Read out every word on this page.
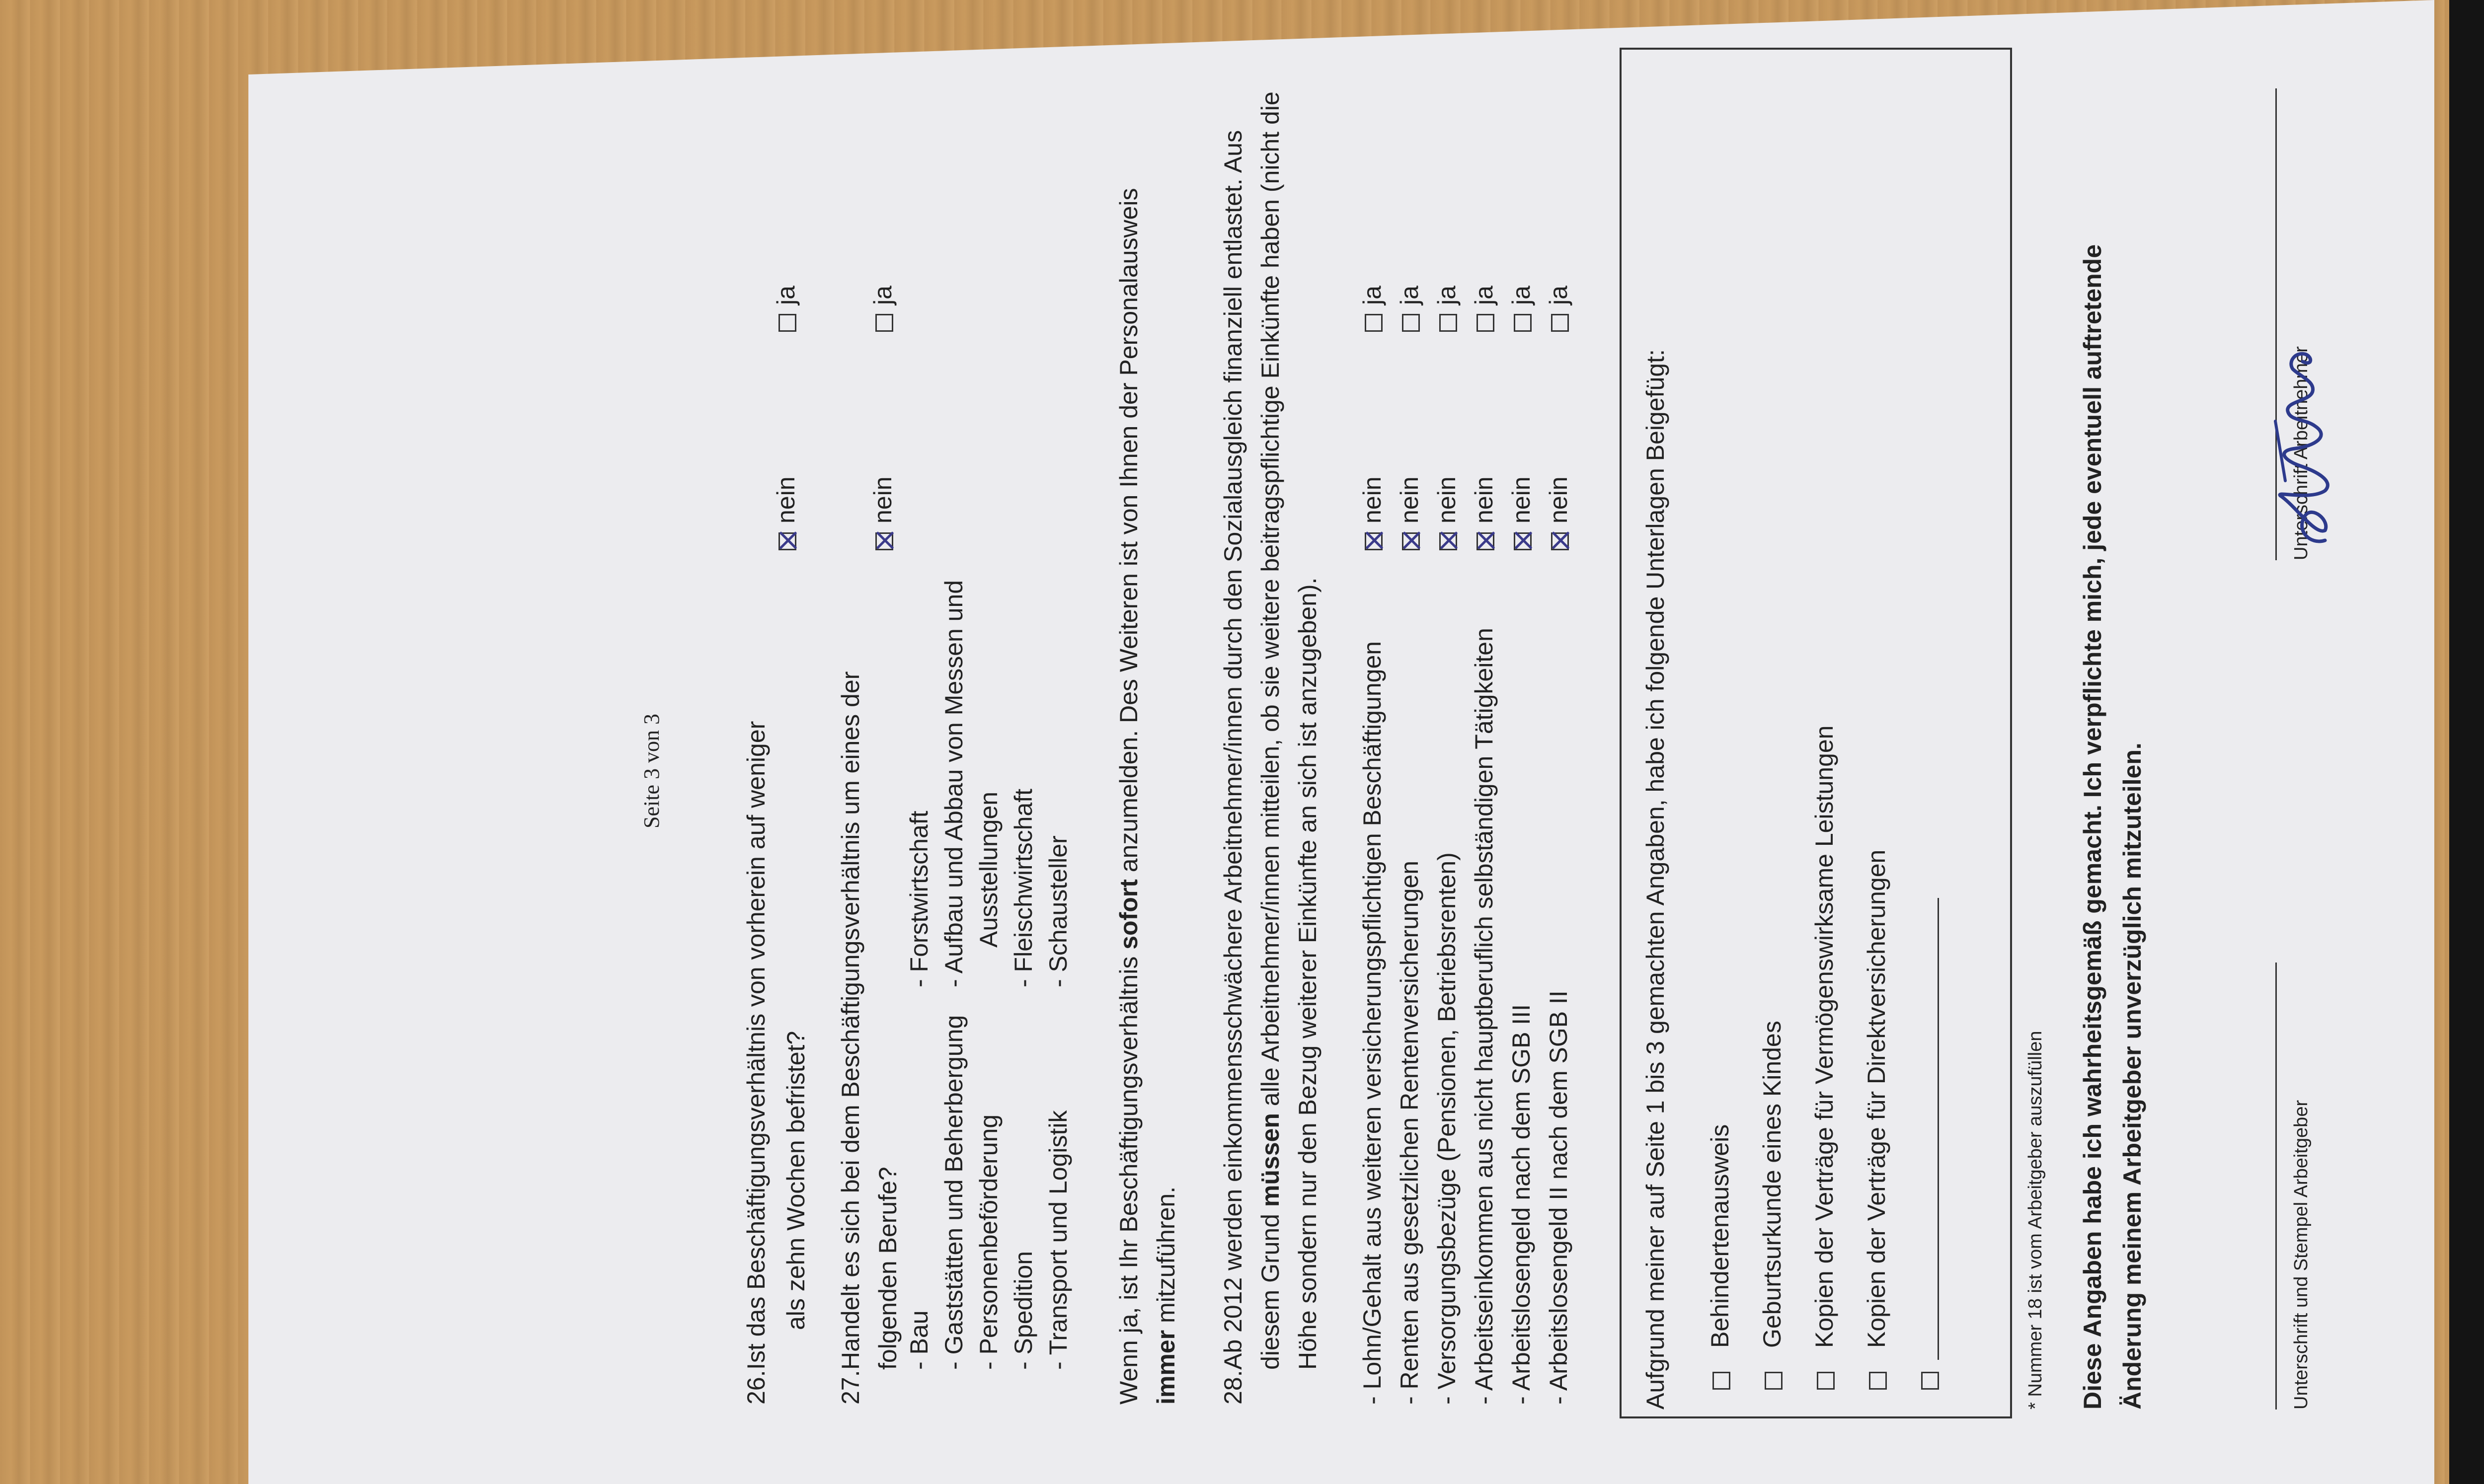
Seite 3 von 3
26.
Ist das Beschäftigungsverhältnis von vorherein auf weniger als zehn Wochen befristet?
nein
ja
27.
Handelt es sich bei dem Beschäftigungsverhältnis um eines der folgenden Berufe?
nein
ja
- Bau - Gaststätten und Beherbergung - Personenbeförderung - Spedition - Transport und Logistik
- Forstwirtschaft - Aufbau und Abbau von Messen und Ausstellungen - Fleischwirtschaft - Schausteller
Wenn ja, ist Ihr Beschäftigungsverhältnis sofort anzumelden. Des Weiteren ist von Ihnen der Personalausweis
immer mitzuführen.
28.
Ab 2012 werden einkommensschwächere Arbeitnehmer/innen durch den Sozialausgleich finanziell entlastet. Aus diesem Grund müssen alle Arbeitnehmer/innen mitteilen, ob sie weitere beitragspflichtige Einkünfte haben (nicht die Höhe sondern nur den Bezug weiterer Einkünfte an sich ist anzugeben). - Lohn/Gehalt aus weiteren versicherungspflichtigen Beschäftigungen
nein
ja
- Renten aus gesetzlichen Rentenversicherungen
nein
ja
- Versorgungsbezüge (Pensionen, Betriebsrenten)
nein
ja
- Arbeitseinkommen aus nicht hauptberuflich selbständigen Tätigkeiten
nein
ja
- Arbeitslosengeld nach dem SGB III
nein
ja
- Arbeitslosengeld II nach dem SGB II
nein
ja
Aufgrund meiner auf Seite 1 bis 3 gemachten Angaben, habe ich folgende Unterlagen Beigefügt: Behindertenausweis Geburtsurkunde eines Kindes Kopien der Verträge für Vermögenswirksame Leistungen Kopien der Verträge für Direktversicherungen	* Nummer 18 ist vom Arbeitgeber auszufüllen Diese Angaben habe ich wahrheitsgemäß gemacht. Ich verpflichte mich, jede eventuell auftretende Änderung meinem Arbeitgeber unverzüglich mitzuteilen.	Unterschrift und Stempel Arbeitgeber
Unterschrift Arbeitnehmer
